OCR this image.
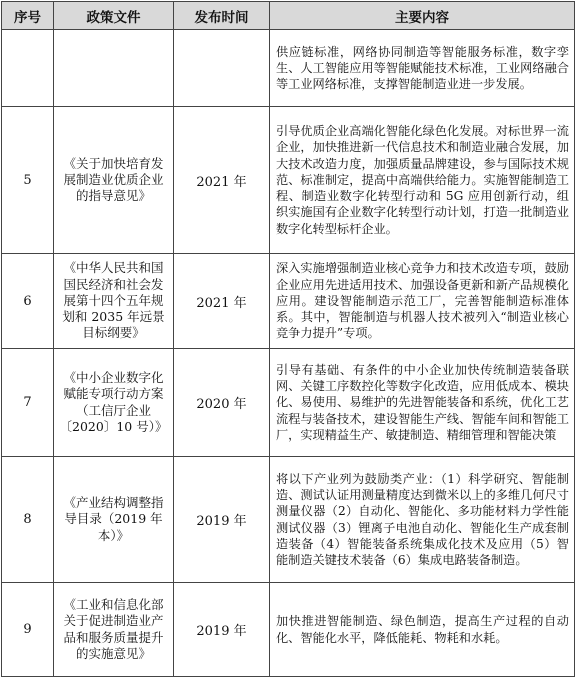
序号	政策文件	发布时间	主要内容
			供应链标准，网络协同制造等智能服务标准，数字孪生、人工智能应用等智能赋能技术标准，工业网络融合等工业网络标准，支撑智能制造业进一步发展。
5	《关于加快培育发展制造业优质企业的指导意见》	2021 年	引导优质企业高端化智能化绿色化发展。对标世界一流企业，加快推进新一代信息技术和制造业融合发展，加大技术改造力度，加强质量品牌建设，参与国际技术规范、标准制定，提高中高端供给能力。实施智能制造工程、制造业数字化转型行动和 5G 应用创新行动，组织实施国有企业数字化转型行动计划，打造一批制造业数字化转型标杆企业。
6	《中华人民共和国国民经济和社会发展第十四个五年规划和 2035 年远景目标纲要》	2021 年	深入实施增强制造业核心竞争力和技术改造专项，鼓励企业应用先进适用技术、加强设备更新和新产品规模化应用。建设智能制造示范工厂，完善智能制造标准体系。其中，智能制造与机器人技术被列入“制造业核心竞争力提升”专项。
7	《中小企业数字化赋能专项行动方案（工信厅企业〔2020〕10 号）》	2020 年	引导有基础、有条件的中小企业加快传统制造装备联网、关键工序数控化等数字化改造，应用低成本、模块化、易使用、易维护的先进智能装备和系统，优化工艺流程与装备技术，建设智能生产线、智能车间和智能工厂，实现精益生产、敏捷制造、精细管理和智能决策
8	《产业结构调整指导目录（2019 年本）》	2019 年	将以下产业列为鼓励类产业：（1）科学研究、智能制造、测试认证用测量精度达到微米以上的多维几何尺寸测量仪器（2）自动化、智能化、多功能材料力学性能测试仪器（3）锂离子电池自动化、智能化生产成套制造装备（4）智能装备系统集成化技术及应用（5）智能制造关键技术装备（6）集成电路装备制造。
9	《工业和信息化部关于促进制造业产品和服务质量提升的实施意见》	2019 年	加快推进智能制造、绿色制造，提高生产过程的自动化、智能化水平，降低能耗、物耗和水耗。
